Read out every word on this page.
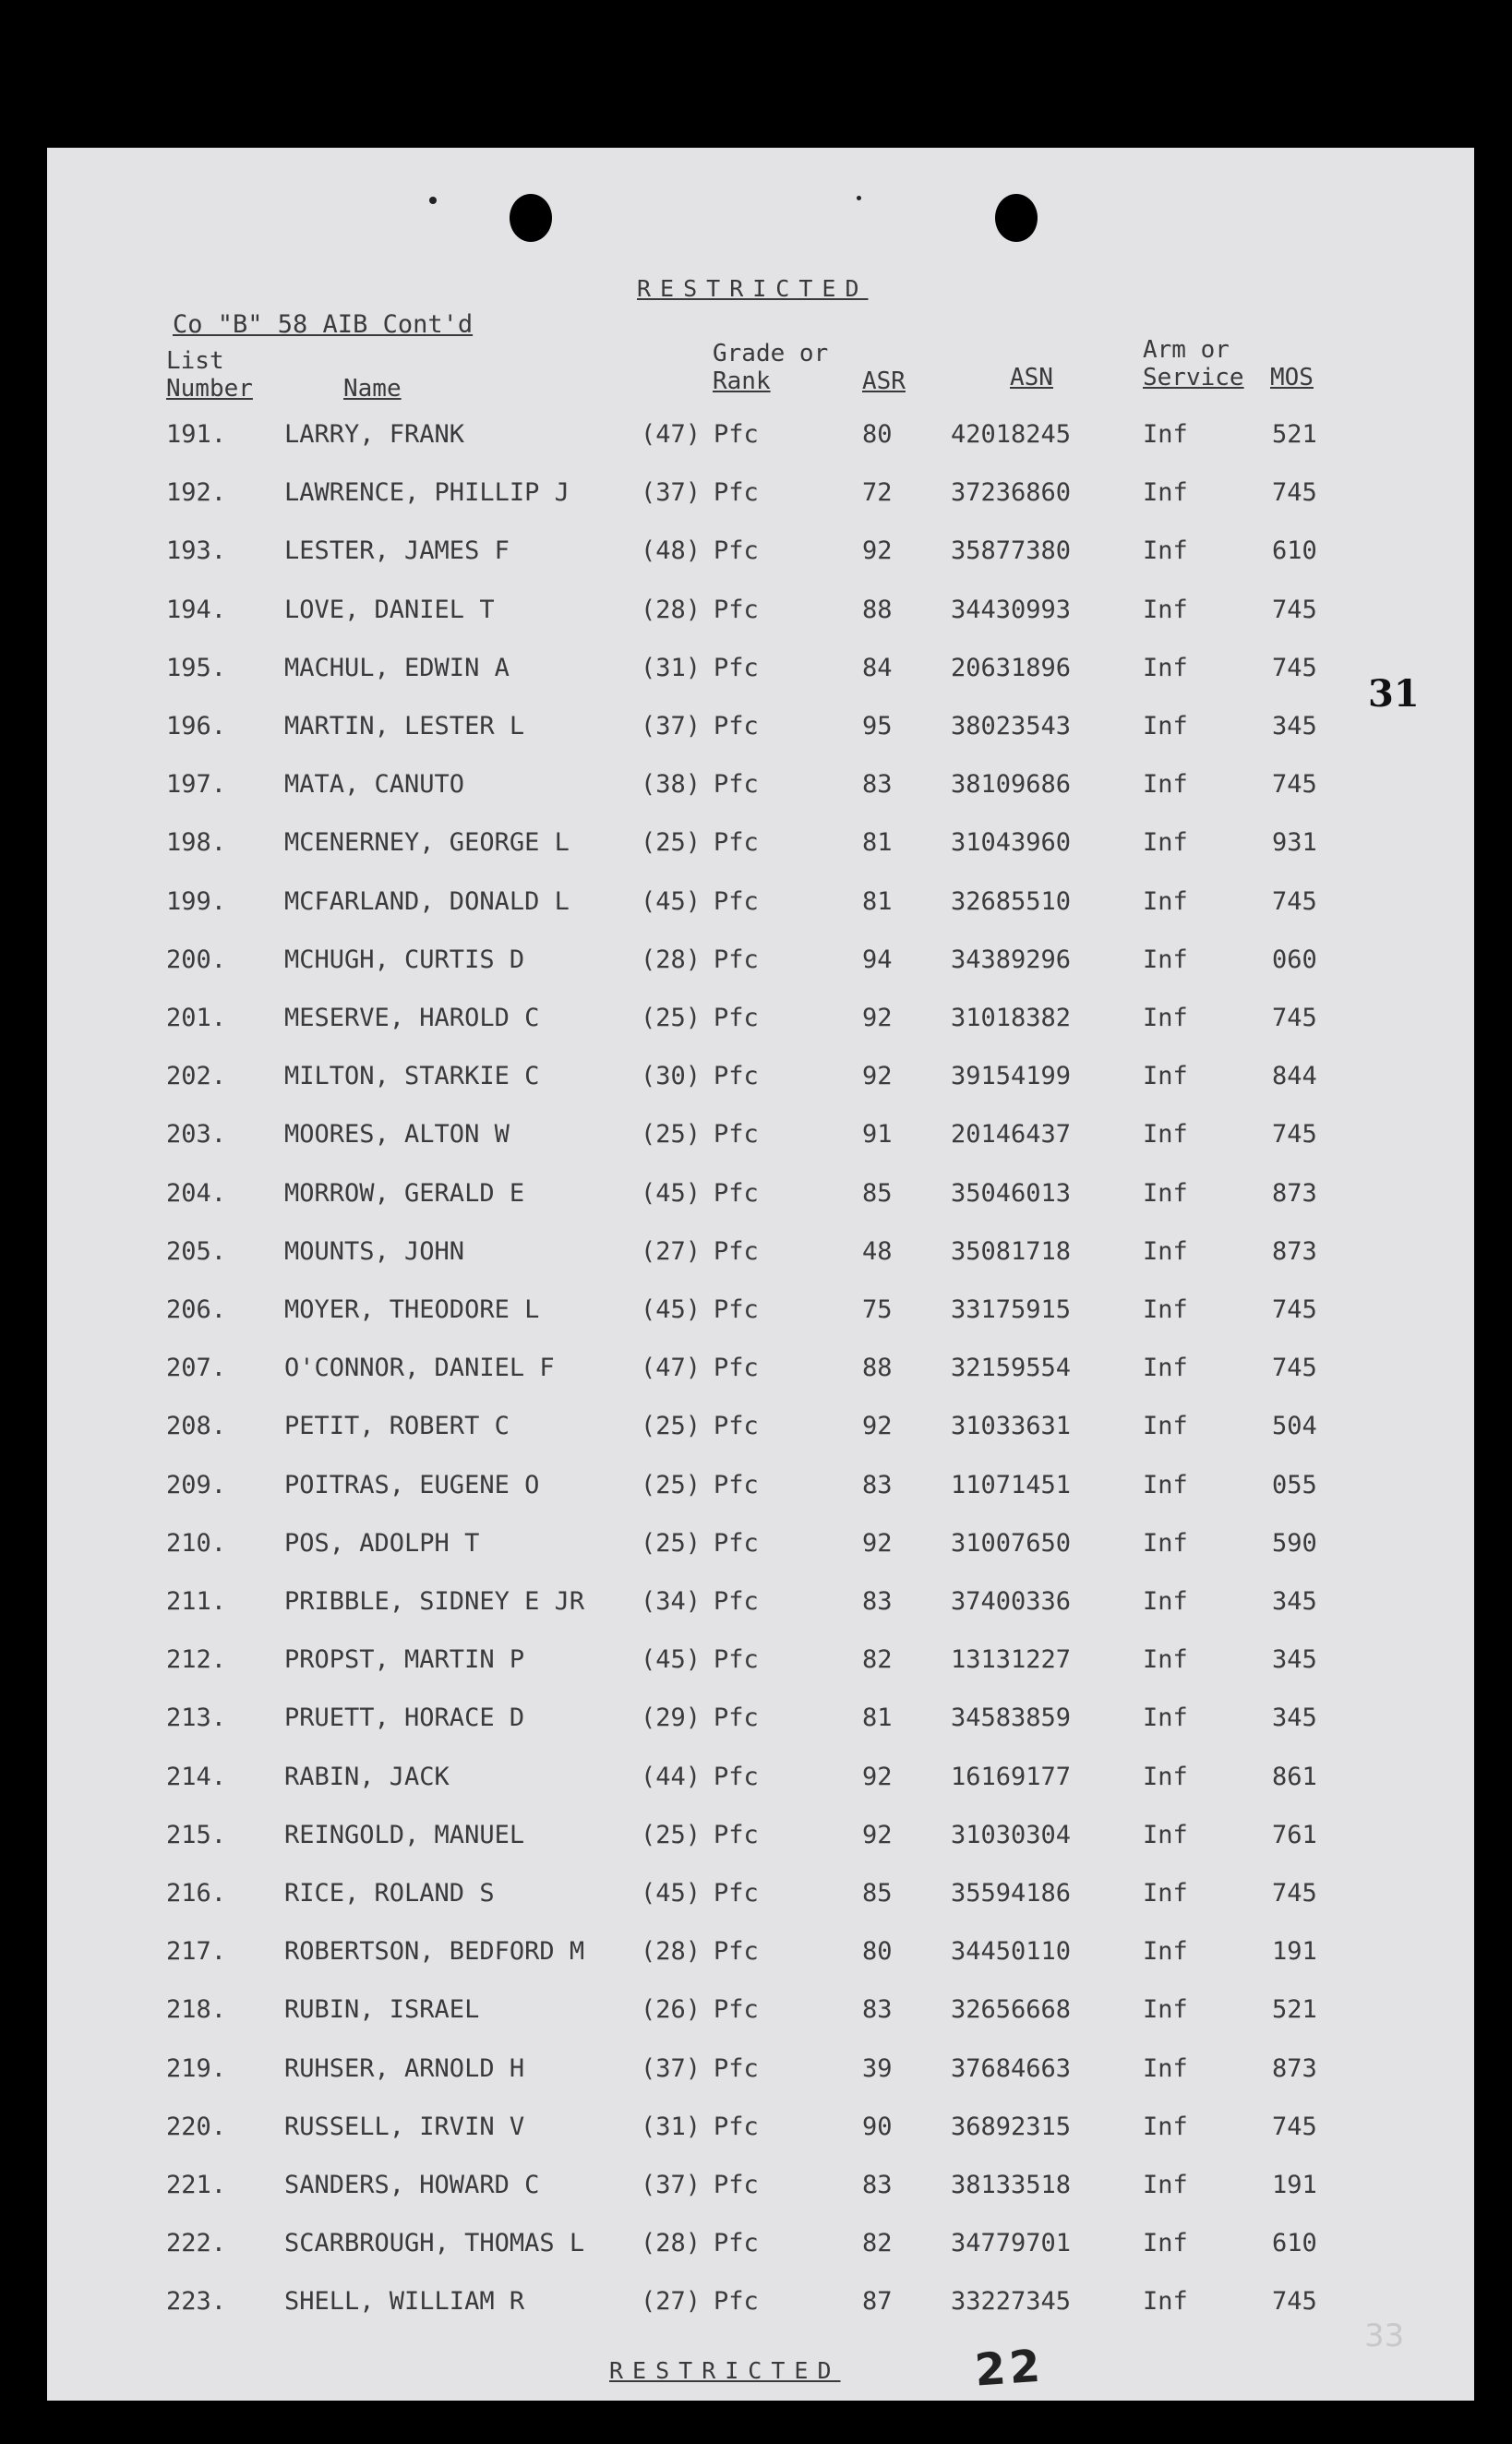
RESTRICTED
Co "B" 58 AIB Cont'd
List
Number	Name
Grade or
Rank	ASR	ASN
Arm or
Service MOS
191. LARRY, FRANK	(47) Pfc	80 42018245	Inf	521
192. LAWRENCE, PHILLIP J	(37) Pfc	72 37236860	Inf	745
193. LESTER, JAMES F	(48) Pfc	92 35877380	Inf	610
194. LOVE, DANIEL T	(28) Pfc	88 34430993	Inf	745
195. MACHUL, EDWIN A	(31) Pfc	84 20631896	Inf	745
196. MARTIN, LESTER L	(37) Pfc	95 38023543	Inf	345
197. MATA, CANUTO	(38) Pfc	83 38109686	Inf	745
198. MCENERNEY, GEORGE L	(25) Pfc	81 31043960	Inf	931
199. MCFARLAND, DONALD L	(45) Pfc	81 32685510	Inf	745
200. MCHUGH, CURTIS D	(28) Pfc	94 34389296	Inf	060
201. MESERVE, HAROLD C	(25) Pfc	92 31018382	Inf	745
202. MILTON, STARKIE C	(30) Pfc	92 39154199	Inf	844
203. MOORES, ALTON W	(25) Pfc	91 20146437	Inf	745
204. MORROW, GERALD E	(45) Pfc	85 35046013	Inf	873
205. MOUNTS, JOHN	(27) Pfc	48 35081718	Inf	873
206. MOYER, THEODORE L	(45) Pfc	75 33175915	Inf	745
207. O'CONNOR, DANIEL F	(47) Pfc	88 32159554	Inf	745
208. PETIT, ROBERT C	(25) Pfc	92 31033631	Inf	504
209. POITRAS, EUGENE O	(25) Pfc	83 11071451	Inf	055
210. POS, ADOLPH T	(25) Pfc	92 31007650	Inf	590
211. PRIBBLE, SIDNEY E JR (34) Pfc	83 37400336	Inf	345
212. PROPST, MARTIN P	(45) Pfc	82 13131227	Inf	345
213. PRUETT, HORACE D	(29) Pfc	81 34583859	Inf	345
214. RABIN, JACK	(44) Pfc	92 16169177	Inf	861
215. REINGOLD, MANUEL	(25) Pfc	92 31030304	Inf	761
216. RICE, ROLAND S	(45) Pfc	85 35594186	Inf	745
217. ROBERTSON, BEDFORD M (28) Pfc	80 34450110	Inf	191
218. RUBIN, ISRAEL	(26) Pfc	83 32656668	Inf	521
219. RUHSER, ARNOLD H	(37) Pfc	39 37684663	Inf	873
220. RUSSELL, IRVIN V	(31) Pfc	90 36892315	Inf	745
221. SANDERS, HOWARD C	(37) Pfc	83 38133518	Inf	191
222. SCARBROUGH, THOMAS L (28) Pfc	82 34779701	Inf	610
223. SHELL, WILLIAM R	(27) Pfc	87 33227345	Inf	745
31
RESTRICTED	22
33
